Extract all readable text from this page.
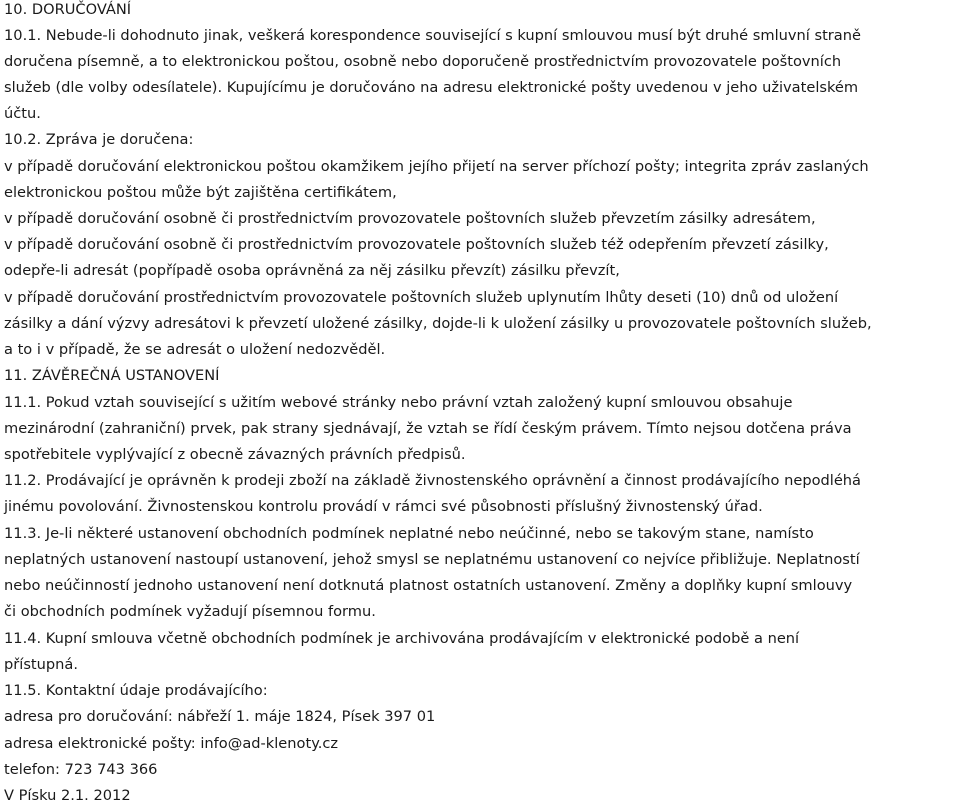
10. DORUČOVÁNÍ
10.1. Nebude-li dohodnuto jinak, veškerá korespondence související s kupní smlouvou musí být druhé smluvní straně
doručena písemně, a to elektronickou poštou, osobně nebo doporučeně prostřednictvím provozovatele poštovních
služeb (dle volby odesílatele). Kupujícímu je doručováno na adresu elektronické pošty uvedenou v jeho uživatelském
účtu.
10.2. Zpráva je doručena:
v případě doručování elektronickou poštou okamžikem jejího přijetí na server příchozí pošty; integrita zpráv zaslaných
elektronickou poštou může být zajištěna certifikátem,
v případě doručování osobně či prostřednictvím provozovatele poštovních služeb převzetím zásilky adresátem,
v případě doručování osobně či prostřednictvím provozovatele poštovních služeb též odepřením převzetí zásilky,
odepře-li adresát (popřípadě osoba oprávněná za něj zásilku převzít) zásilku převzít,
v případě doručování prostřednictvím provozovatele poštovních služeb uplynutím lhůty deseti (10) dnů od uložení
zásilky a dání výzvy adresátovi k převzetí uložené zásilky, dojde-li k uložení zásilky u provozovatele poštovních služeb,
a to i v případě, že se adresát o uložení nedozvěděl.
11. ZÁVĚREČNÁ USTANOVENÍ
11.1. Pokud vztah související s užitím webové stránky nebo právní vztah založený kupní smlouvou obsahuje
mezinárodní (zahraniční) prvek, pak strany sjednávají, že vztah se řídí českým právem. Tímto nejsou dotčena práva
spotřebitele vyplývající z obecně závazných právních předpisů.
11.2. Prodávající je oprávněn k prodeji zboží na základě živnostenského oprávnění a činnost prodávajícího nepodléhá
jinému povolování. Živnostenskou kontrolu provádí v rámci své působnosti příslušný živnostenský úřad.
11.3. Je-li některé ustanovení obchodních podmínek neplatné nebo neúčinné, nebo se takovým stane, namísto
neplatných ustanovení nastoupí ustanovení, jehož smysl se neplatnému ustanovení co nejvíce přibližuje. Neplatností
nebo neúčinností jednoho ustanovení není dotknutá platnost ostatních ustanovení. Změny a doplňky kupní smlouvy
či obchodních podmínek vyžadují písemnou formu.
11.4. Kupní smlouva včetně obchodních podmínek je archivována prodávajícím v elektronické podobě a není
přístupná.
11.5. Kontaktní údaje prodávajícího:
adresa pro doručování: nábřeží 1. máje 1824, Písek 397 01
adresa elektronické pošty: info@ad-klenoty.cz
telefon: 723 743 366
V Písku 2.1. 2012
